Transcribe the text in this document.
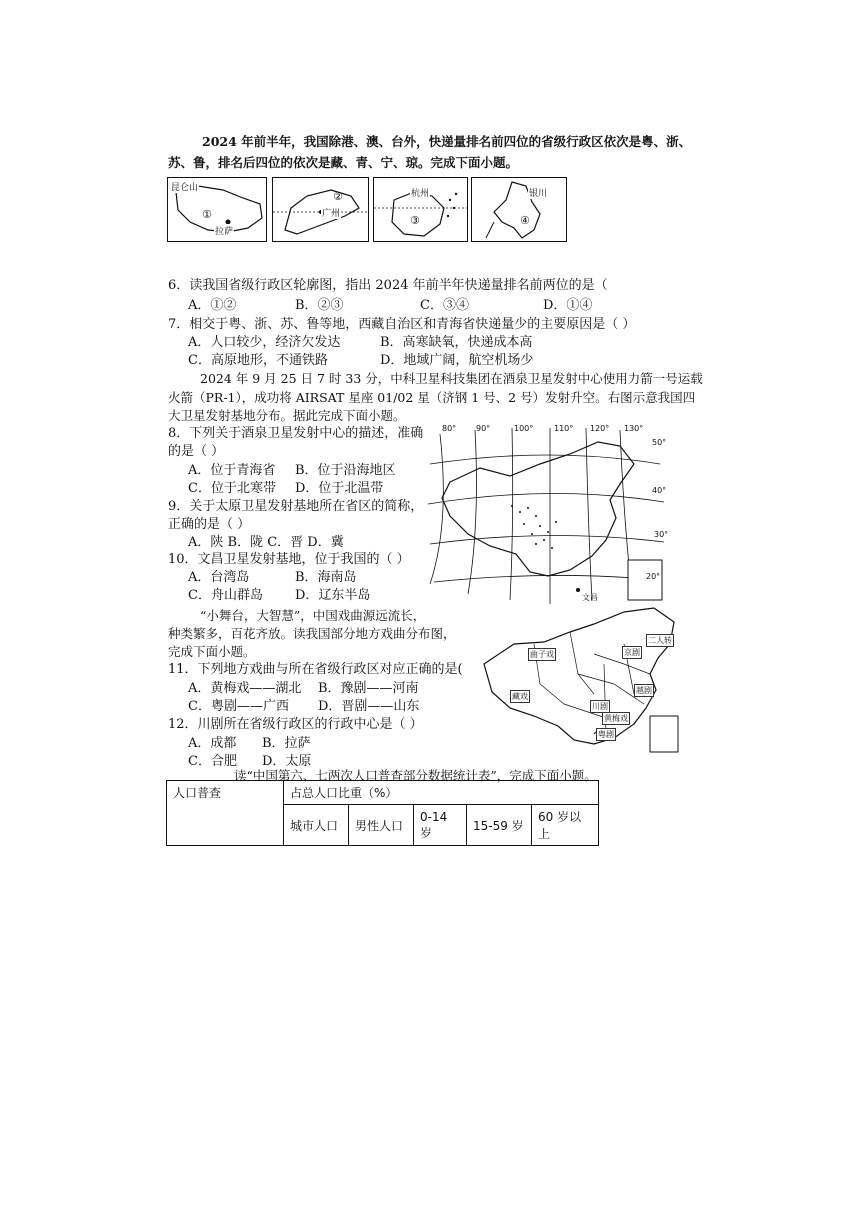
2024 年前半年，我国除港、澳、台外，快递量排名前四位的省级行政区依次是粤、浙、
苏、鲁，排名后四位的依次是藏、青、宁、琼。完成下面小题。
昆仑山
①
拉萨
广州
②	杭州
③
银川
④
6．读我国省级行政区轮廓图，指出 2024 年前半年快递量排名前两位的是（
A．①②	B．②③	C．③④	D．①④
7．相交于粤、浙、苏、鲁等地，西藏自治区和青海省快递量少的主要原因是（ ）
A．人口较少，经济欠发达	B．高寒缺氧，快递成本高
C．高原地形，不通铁路	D．地域广阔，航空机场少
2024 年 9 月 25 日 7 时 33 分，中科卫星科技集团在酒泉卫星发射中心使用力箭一号运载
火箭（PR-1），成功将 AIRSAT 星座 01/02 星（济钢 1 号、2 号）发射升空。右图示意我国四
大卫星发射基地分布。据此完成下面小题。
8．下列关于酒泉卫星发射中心的描述，准确
的是（ ）
A．位于青海省 B．位于沿海地区
C．位于北寒带 D．位于北温带
9．关于太原卫星发射基地所在省区的简称，
正确的是（ ）
A．陕 B．陇 C．晋 D．冀
10．文昌卫星发射基地，位于我国的（ ）
A．台湾岛	B．海南岛
C．舟山群岛 D．辽东半岛
80° 90°	100°	110° 120° 130°
50°
40°
30°
20°
文昌
“小舞台，大智慧”，中国戏曲源远流长，
种类繁多，百花齐放。读我国部分地方戏曲分布图，
完成下面小题。
11．下列地方戏曲与所在省级行政区对应正确的是(
A．黄梅戏——湖北 B．豫剧——河南
C．粤剧——广西 D．晋剧——山东
12．川剧所在省级行政区的行政中心是（ ）
A．成都 B．拉萨
C．合肥 D．太原
曲子戏
二人转
京剧
川剧
越剧
黄梅戏
粤剧
藏戏
读“中国第六、七两次人口普查部分数据统计表”，完成下面小题。
人口普查	占总人口比重（%）				
	城市人口	男性人口	0-14 岁	15-59 岁	60 岁以上
